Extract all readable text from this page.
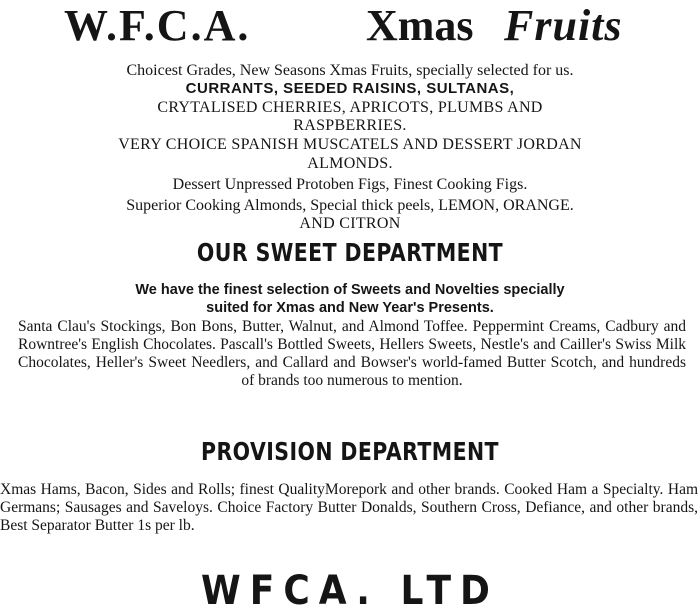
W.F.C.A.	Xmas Fruits
Choicest Grades, New Seasons Xmas Fruits, specially selected for us.
CURRANTS, SEEDED RAISINS, SULTANAS,
CRYTALISED CHERRIES, APRICOTS, PLUMBS AND
RASPBERRIES.
VERY CHOICE SPANISH MUSCATELS AND DESSERT JORDAN
ALMONDS.
Dessert Unpressed Protoben Figs, Finest Cooking Figs.
Superior Cooking Almonds, Special thick peels, LEMON, ORANGE.
AND CITRON
OUR SWEET DEPARTMENT
We have the finest selection of Sweets and Novelties specially
suited for Xmas and New Year's Presents.
Santa Clau's Stockings, Bon Bons, Butter, Walnut, and Almond Toffee. Peppermint Creams, Cadbury and Rowntree's English Chocolates. Pascall's Bottled Sweets, Hellers Sweets, Nestle's and Cailler's Swiss Milk Chocolates, Heller's Sweet Needlers, and Callard and Bowser's world-famed Butter Scotch, and hundreds of brands too numerous to mention.
PROVISION DEPARTMENT
Xmas Hams, Bacon, Sides and Rolls; finest QualityMorepork and other brands. Cooked Ham a Specialty. Ham Germans; Sausages and Saveloys. Choice Factory Butter Donalds, Southern Cross, Defiance, and other brands, Best Separator Butter 1s per lb.
WFCA. LTD
